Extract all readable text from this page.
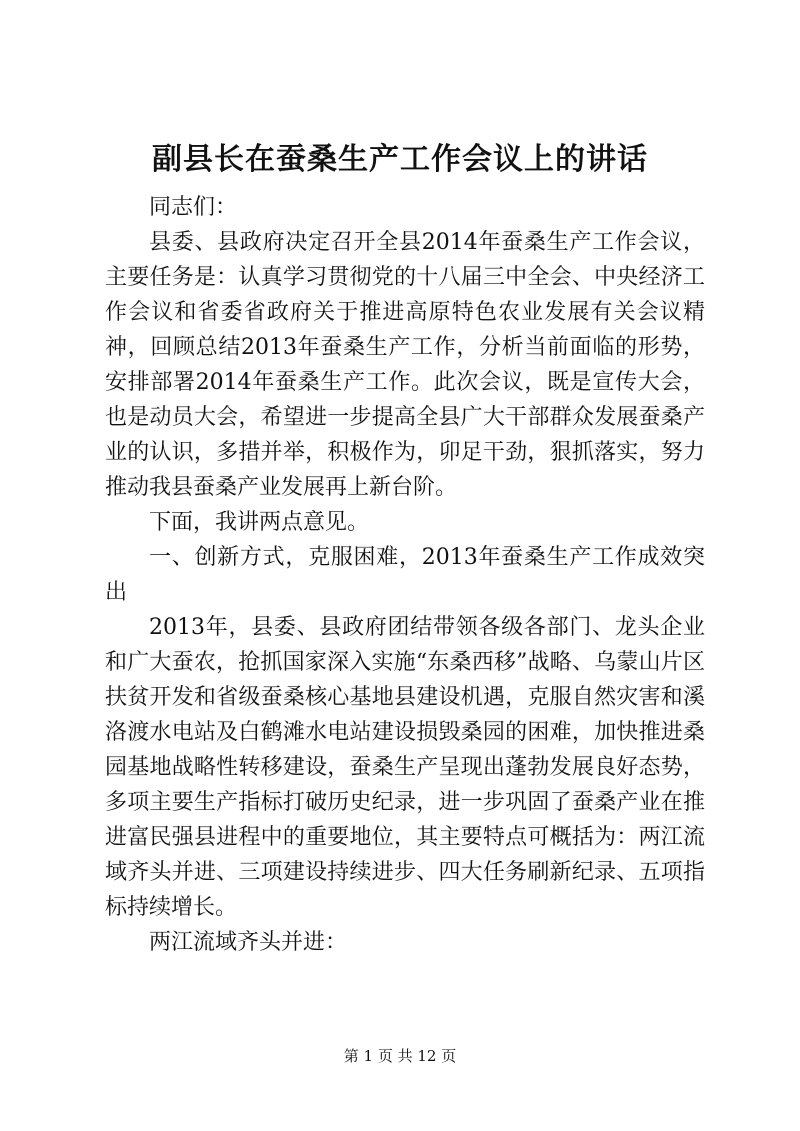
副县长在蚕桑生产工作会议上的讲话

同志们：

县委、县政府决定召开全县2014年蚕桑生产工作会议，主要任务是：认真学习贯彻党的十八届三中全会、中央经济工作会议和省委省政府关于推进高原特色农业发展有关会议精神，回顾总结2013年蚕桑生产工作，分析当前面临的形势，安排部署2014年蚕桑生产工作。此次会议，既是宣传大会，也是动员大会，希望进一步提高全县广大干部群众发展蚕桑产业的认识，多措并举，积极作为，卯足干劲，狠抓落实，努力推动我县蚕桑产业发展再上新台阶。

下面，我讲两点意见。

一、创新方式，克服困难，2013年蚕桑生产工作成效突出

2013年，县委、县政府团结带领各级各部门、龙头企业和广大蚕农，抢抓国家深入实施“东桑西移”战略、乌蒙山片区扶贫开发和省级蚕桑核心基地县建设机遇，克服自然灾害和溪洛渡水电站及白鹤滩水电站建设损毁桑园的困难，加快推进桑园基地战略性转移建设，蚕桑生产呈现出蓬勃发展良好态势，多项主要生产指标打破历史纪录，进一步巩固了蚕桑产业在推进富民强县进程中的重要地位，其主要特点可概括为：两江流域齐头并进、三项建设持续进步、四大任务刷新纪录、五项指标持续增长。

两江流域齐头并进：

第 1 页 共 12 页
